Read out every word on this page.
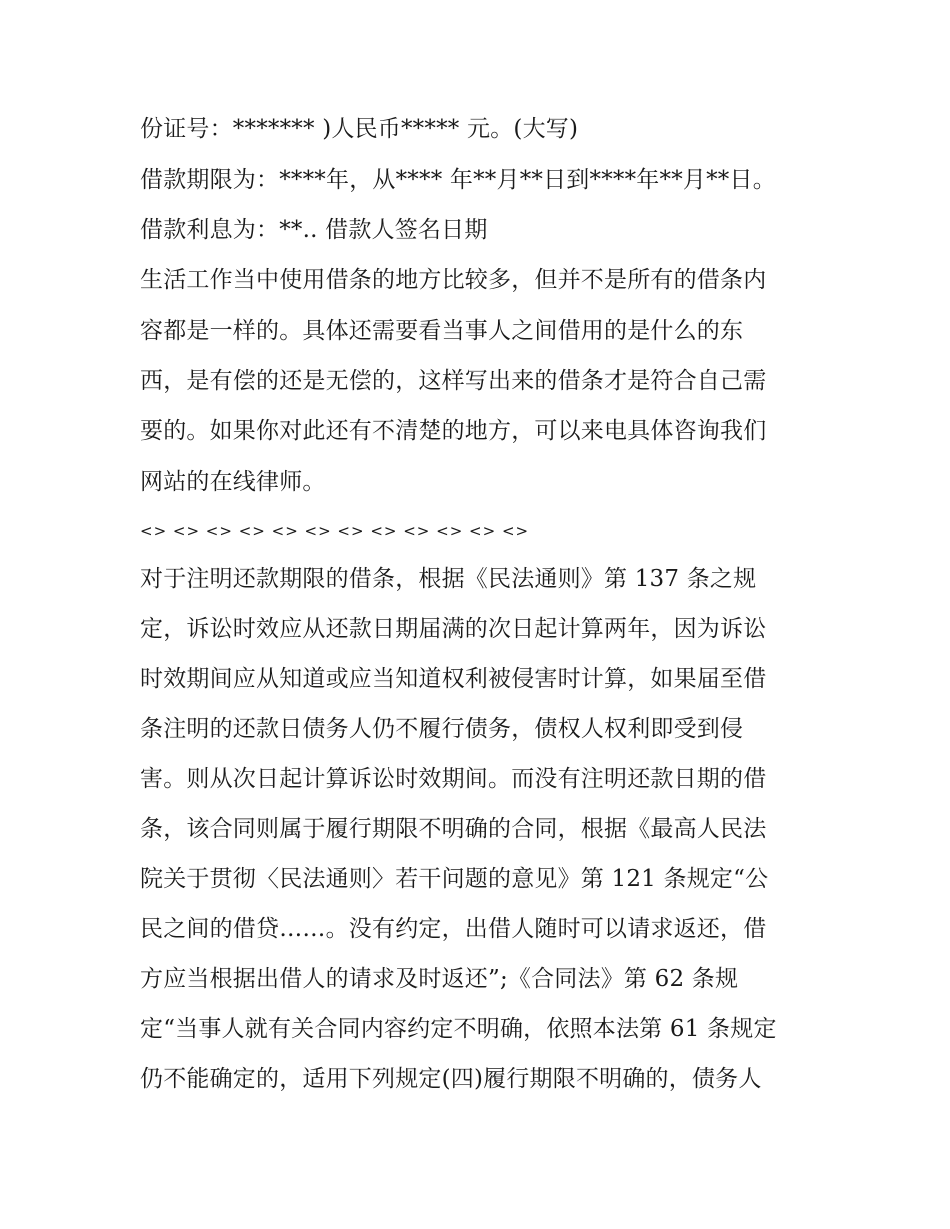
份证号：******* )人民币***** 元。(大写)
借款期限为：****年，从**** 年**月**日到****年**月**日。
借款利息为：**.. 借款人签名日期
生活工作当中使用借条的地方比较多，但并不是所有的借条内
容都是一样的。具体还需要看当事人之间借用的是什么的东
西，是有偿的还是无偿的，这样写出来的借条才是符合自己需
要的。如果你对此还有不清楚的地方，可以来电具体咨询我们
网站的在线律师。
<> <> <> <> <> <> <> <> <> <> <> <>
对于注明还款期限的借条，根据《民法通则》第 137 条之规
定，诉讼时效应从还款日期届满的次日起计算两年，因为诉讼
时效期间应从知道或应当知道权利被侵害时计算，如果届至借
条注明的还款日债务人仍不履行债务，债权人权利即受到侵
害。则从次日起计算诉讼时效期间。而没有注明还款日期的借
条，该合同则属于履行期限不明确的合同，根据《最高人民法
院关于贯彻〈民法通则〉若干问题的意见》第 121 条规定“公
民之间的借贷……。没有约定，出借人随时可以请求返还，借
方应当根据出借人的请求及时返还”;《合同法》第 62 条规
定“当事人就有关合同内容约定不明确，依照本法第 61 条规定
仍不能确定的，适用下列规定(四)履行期限不明确的，债务人
